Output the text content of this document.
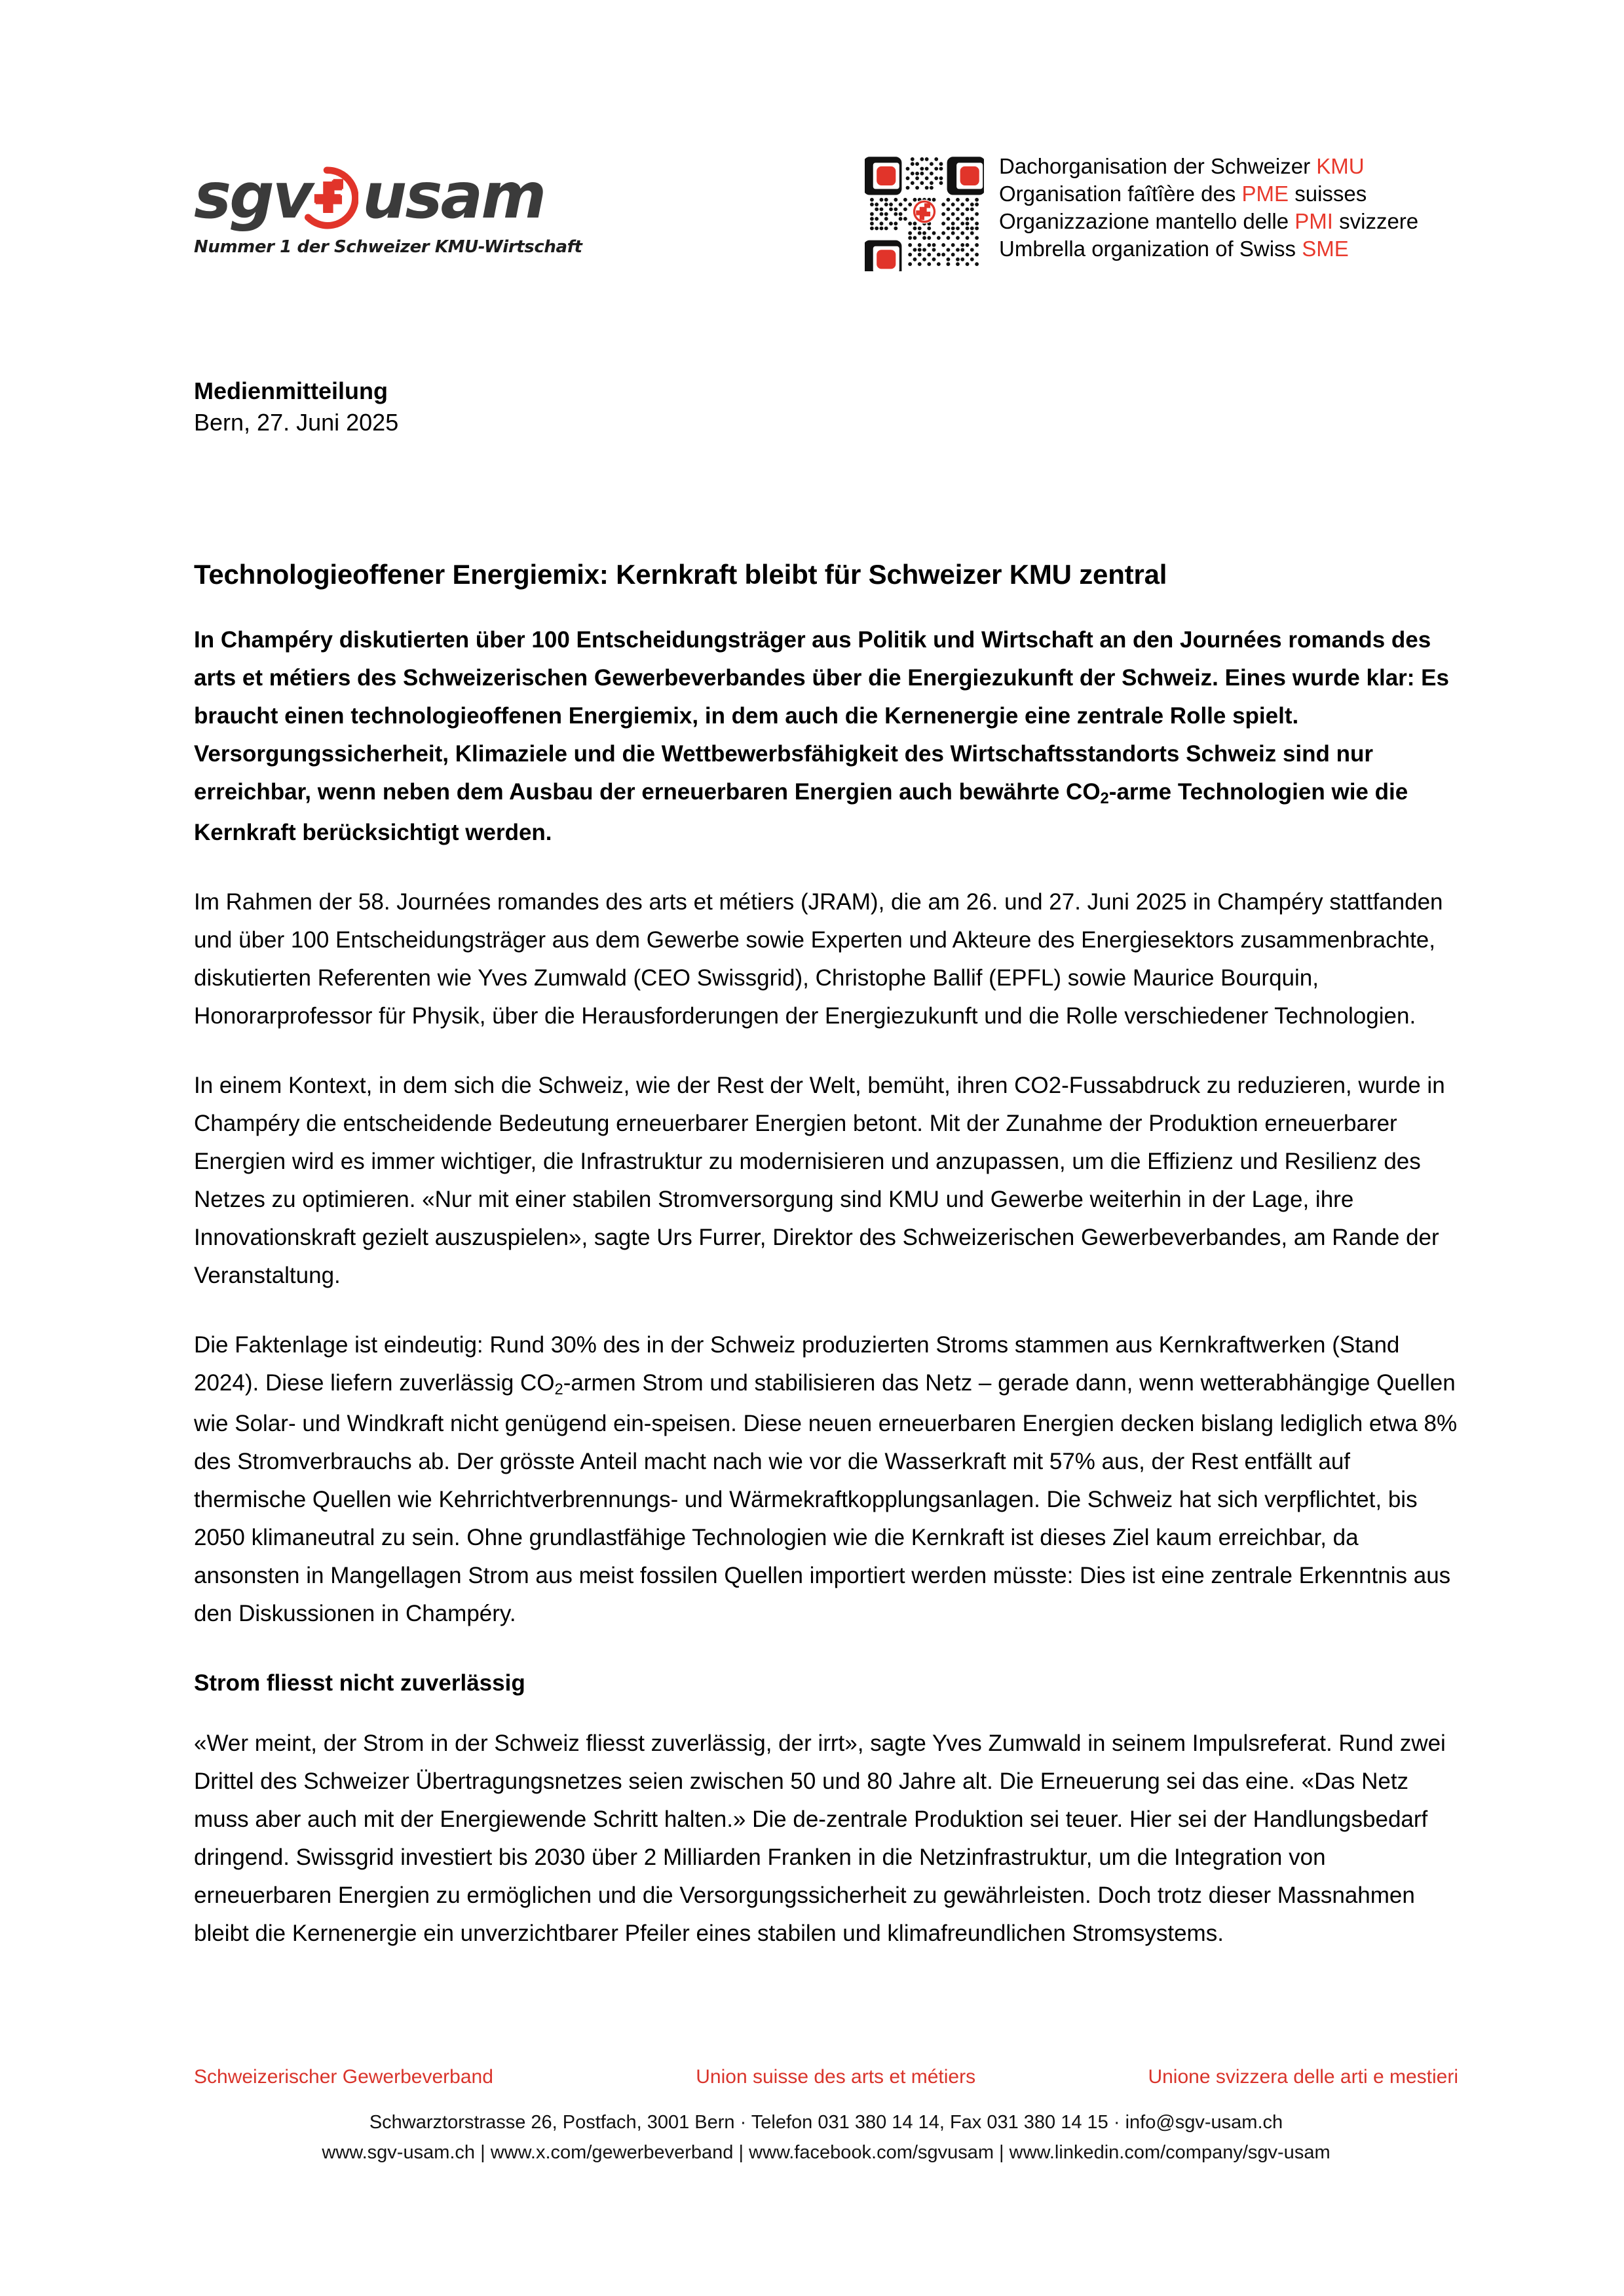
sgv usam
Nummer 1 der Schweizer KMU-Wirtschaft
Dachorganisation der Schweizer KMU
Organisation faîtîère des PME suisses
Organizzazione mantello delle PMI svizzere
Umbrella organization of Swiss SME
Medienmitteilung
Bern, 27. Juni 2025
Technologieoffener Energiemix: Kernkraft bleibt für Schweizer KMU zentral

In Champéry diskutierten über 100 Entscheidungsträger aus Politik und Wirtschaft an den Journées romands des arts et métiers des Schweizerischen Gewerbeverbandes über die Energiezukunft der Schweiz. Eines wurde klar: Es braucht einen technologieoffenen Energiemix, in dem auch die Kernenergie eine zentrale Rolle spielt. Versorgungssicherheit, Klimaziele und die Wettbewerbsfähigkeit des Wirtschaftsstandorts Schweiz sind nur erreichbar, wenn neben dem Ausbau der erneuerbaren Energien auch bewährte $CO_2$-arme Technologien wie die Kernkraft berücksichtigt werden.

Im Rahmen der 58. Journées romandes des arts et métiers (JRAM), die am 26. und 27. Juni 2025 in Champéry stattfanden und über 100 Entscheidungsträger aus dem Gewerbe sowie Experten und Akteure des Energiesektors zusammenbrachte, diskutierten Referenten wie Yves Zumwald (CEO Swissgrid), Christophe Ballif (EPFL) sowie Maurice Bourquin, Honorarprofessor für Physik, über die Herausforderungen der Energiezukunft und die Rolle verschiedener Technologien.

In einem Kontext, in dem sich die Schweiz, wie der Rest der Welt, bemüht, ihren CO2-Fussabdruck zu reduzieren, wurde in Champéry die entscheidende Bedeutung erneuerbarer Energien betont. Mit der Zunahme der Produktion erneuerbarer Energien wird es immer wichtiger, die Infrastruktur zu modernisieren und anzupassen, um die Effizienz und Resilienz des Netzes zu optimieren. «Nur mit einer stabilen Stromversorgung sind KMU und Gewerbe weiterhin in der Lage, ihre Innovationskraft gezielt auszuspielen», sagte Urs Furrer, Direktor des Schweizerischen Gewerbeverbandes, am Rande der Veranstaltung.

Die Faktenlage ist eindeutig: Rund 30% des in der Schweiz produzierten Stroms stammen aus Kernkraftwerken (Stand 2024). Diese liefern zuverlässig $CO_2$-armen Strom und stabilisieren das Netz – gerade dann, wenn wetterabhängige Quellen wie Solar- und Windkraft nicht genügend ein-speisen. Diese neuen erneuerbaren Energien decken bislang lediglich etwa 8% des Stromverbrauchs ab. Der grösste Anteil macht nach wie vor die Wasserkraft mit 57% aus, der Rest entfällt auf thermische Quellen wie Kehrrichtverbrennungs- und Wärmekraftkopplungsanlagen. Die Schweiz hat sich verpflichtet, bis 2050 klimaneutral zu sein. Ohne grundlastfähige Technologien wie die Kernkraft ist dieses Ziel kaum erreichbar, da ansonsten in Mangellagen Strom aus meist fossilen Quellen importiert werden müsste: Dies ist eine zentrale Erkenntnis aus den Diskussionen in Champéry.

Strom fliesst nicht zuverlässig

«Wer meint, der Strom in der Schweiz fliesst zuverlässig, der irrt», sagte Yves Zumwald in seinem Impulsreferat. Rund zwei Drittel des Schweizer Übertragungsnetzes seien zwischen 50 und 80 Jahre alt. Die Erneuerung sei das eine. «Das Netz muss aber auch mit der Energiewende Schritt halten.» Die de-zentrale Produktion sei teuer. Hier sei der Handlungsbedarf dringend. Swissgrid investiert bis 2030 über 2 Milliarden Franken in die Netzinfrastruktur, um die Integration von erneuerbaren Energien zu ermöglichen und die Versorgungssicherheit zu gewährleisten. Doch trotz dieser Massnahmen bleibt die Kernenergie ein unverzichtbarer Pfeiler eines stabilen und klimafreundlichen Stromsystems.

Schweizerischer Gewerbeverband	Union suisse des arts et métiers	Unione svizzera delle arti e mestieri
Schwarztorstrasse 26, Postfach, 3001 Bern · Telefon 031 380 14 14, Fax 031 380 14 15 · info@sgv-usam.ch
www.sgv-usam.ch | www.x.com/gewerbeverband | www.facebook.com/sgvusam | www.linkedin.com/company/sgv-usam
